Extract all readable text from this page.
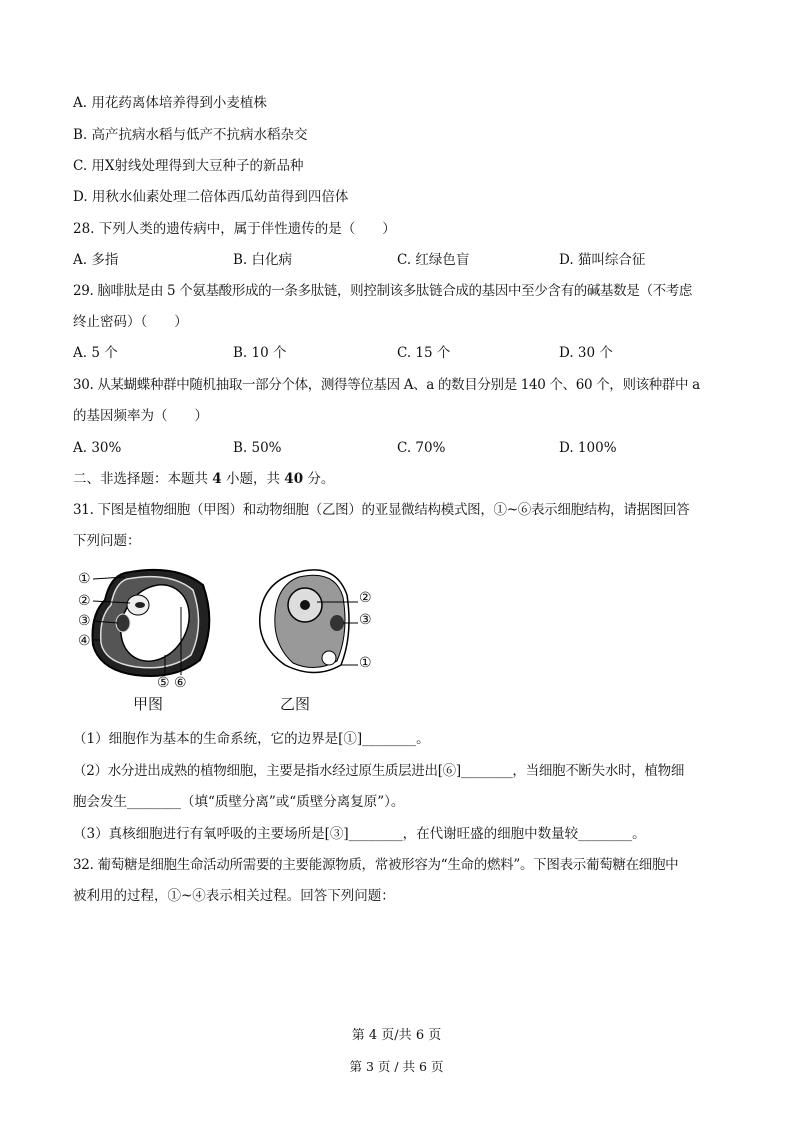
A. 用花药离体培养得到小麦植株
B. 高产抗病水稻与低产不抗病水稻杂交
C. 用X射线处理得到大豆种子的新品种
D. 用秋水仙素处理二倍体西瓜幼苗得到四倍体
28. 下列人类的遗传病中，属于伴性遗传的是（　　）
A. 多指	B. 白化病	C. 红绿色盲	D. 猫叫综合征
29. 脑啡肽是由 5 个氨基酸形成的一条多肽链，则控制该多肽链合成的基因中至少含有的碱基数是（不考虑
终止密码）（　　）
A. 5 个	B. 10 个	C. 15 个	D. 30 个
30. 从某蝴蝶种群中随机抽取一部分个体，测得等位基因 A、a 的数目分别是 140 个、60 个，则该种群中 a
的基因频率为（　　）
A. 30%	B. 50%	C. 70%	D. 100%
二、非选择题：本题共 4 小题，共 40 分。
31. 下图是植物细胞（甲图）和动物细胞（乙图）的亚显微结构模式图，①~⑥表示细胞结构，请据图回答
下列问题：
①
②
③
④
⑤ ⑥
甲图
②
③
①
乙图
（1）细胞作为基本的生命系统，它的边界是[①]________。
（2）水分进出成熟的植物细胞，主要是指水经过原生质层进出[⑥]________，当细胞不断失水时，植物细
胞会发生________（填“质壁分离”或“质壁分离复原”）。
（3）真核细胞进行有氧呼吸的主要场所是[③]________，在代谢旺盛的细胞中数量较________。
32. 葡萄糖是细胞生命活动所需要的主要能源物质，常被形容为“生命的燃料”。下图表示葡萄糖在细胞中
被利用的过程，①~④表示相关过程。回答下列问题：
第 4 页/共 6 页
第 3 页 / 共 6 页
